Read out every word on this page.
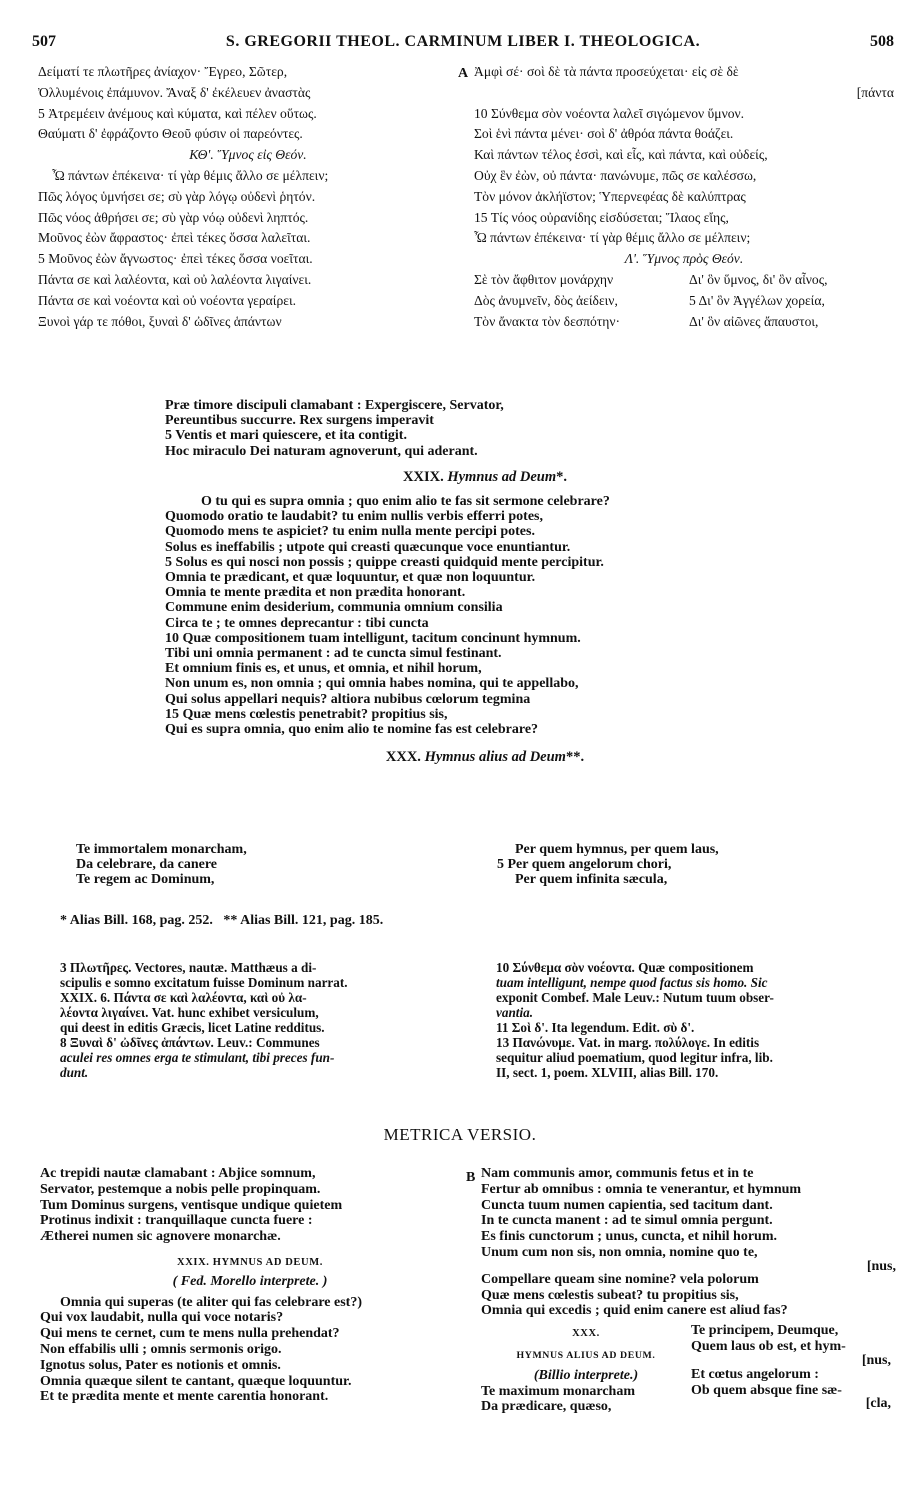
507	S. GREGORII THEOL. CARMINUM LIBER I. THEOLOGICA.	508
Δείματί τε πλωτῆρες ἀνίαχον· Ἔγρεο, Σῶτερ,
Ὀλλυμένοις ἐπάμυνον. Ἄναξ δ' ἐκέλευεν ἀναστὰς
5 Ἀτρεμέειν ἀνέμους καὶ κύματα, καὶ πέλεν οὕτως.
Θαύματι δ' ἐφράζοντο Θεοῦ φύσιν οἱ παρεόντες.
ΚΘ'. Ὕμνος εἰς Θεόν.
Ὦ πάντων ἐπέκεινα· τί γὰρ θέμις ἄλλο σε μέλπειν;
Πῶς λόγος ὑμνήσει σε; σὺ γὰρ λόγῳ οὐδενὶ ῥητόν.
Πῶς νόος ἀθρήσει σε; σὺ γὰρ νόῳ οὐδενὶ ληπτός.
Μοῦνος ἐὼν ἄφραστος· ἐπεὶ τέκες ὅσσα λαλεῖται.
5 Μοῦνος ἐὼν ἄγνωστος· ἐπεὶ τέκες ὅσσα νοεῖται.
Πάντα σε καὶ λαλέοντα, καὶ οὐ λαλέοντα λιγαίνει.
Πάντα σε καὶ νοέοντα καὶ οὐ νοέοντα γεραίρει.
Ξυνοὶ γάρ τε πόθοι, ξυναὶ δ' ὠδῖνες ἁπάντων
A Ἀμφὶ σέ· σοὶ δὲ τὰ πάντα προσεύχεται· εἰς σὲ δὲ
[πάντα
10 Σύνθεμα σὸν νοέοντα λαλεῖ σιγώμενον ὕμνον.
Σοὶ ἑνὶ πάντα μένει· σοὶ δ' ἀθρόα πάντα θοάζει.
Καὶ πάντων τέλος ἐσσὶ, καὶ εἷς, καὶ πάντα, καὶ οὐδείς,
Οὐχ ἓν ἐὼν, οὐ πάντα· πανώνυμε, πῶς σε καλέσσω,
Τὸν μόνον ἀκλήϊστον; Ὑπερνεφέας δὲ καλύπτρας
15 Τίς νόος οὐρανίδης εἰσδύσεται; Ἵλαος εἴης,
Ὦ πάντων ἐπέκεινα· τί γὰρ θέμις ἄλλο σε μέλπειν;
Λ'. Ὕμνος πρὸς Θεόν.
Σὲ τὸν ἄφθιτον μονάρχην
Δὸς ἀνυμνεῖν, δὸς ἀείδειν,
Τὸν ἄνακτα τὸν δεσπότην·
Δι' ὃν ὕμνος, δι' ὃν αἶνος,
5 Δι' ὃν Ἀγγέλων χορεία,
Δι' ὃν αἰῶνες ἄπαυστοι,
Præ timore discipuli clamabant : Expergiscere, Servator,
Pereuntibus succurre. Rex surgens imperavit
5 Ventis et mari quiescere, et ita contigit.
Hoc miraculo Dei naturam agnoverunt, qui aderant.
XXIX. Hymnus ad Deum*.
O tu qui es supra omnia ; quo enim alio te fas sit sermone celebrare?
Quomodo oratio te laudabit? tu enim nullis verbis efferri potes,
Quomodo mens te aspiciet? tu enim nulla mente percipi potes.
Solus es ineffabilis ; utpote qui creasti quæcunque voce enuntiantur.
5 Solus es qui nosci non possis ; quippe creasti quidquid mente percipitur.
Omnia te prædicant, et quæ loquuntur, et quæ non loquuntur.
Omnia te mente prædita et non prædita honorant.
Commune enim desiderium, communia omnium consilia
Circa te ; te omnes deprecantur : tibi cuncta
10 Quæ compositionem tuam intelligunt, tacitum concinunt hymnum.
Tibi uni omnia permanent : ad te cuncta simul festinant.
Et omnium finis es, et unus, et omnia, et nihil horum,
Non unum es, non omnia ; qui omnia habes nomina, qui te appellabo,
Qui solus appellari nequis? altiora nubibus cœlorum tegmina
15 Quæ mens cœlestis penetrabit? propitius sis,
Qui es supra omnia, quo enim alio te nomine fas est celebrare?
XXX. Hymnus alius ad Deum**.
Te immortalem monarcham,
Da celebrare, da canere
Te regem ac Dominum,
Per quem hymnus, per quem laus,
5 Per quem angelorum chori,
Per quem infinita sæcula,
* Alias Bill. 168, pag. 252.   ** Alias Bill. 121, pag. 185.
3 Πλωτῆρες. Vectores, nautæ. Matthæus a di-
scipulis e somno excitatum fuisse Dominum narrat.
XXIX. 6. Πάντα σε καὶ λαλέοντα, καὶ οὐ λα-
λέοντα λιγαίνει. Vat. hunc exhibet versiculum,
qui deest in editis Græcis, licet Latine redditus.
8 Ξυναὶ δ' ὠδῖνες ἁπάντων. Leuv.: Communes
aculei res omnes erga te stimulant, tibi preces fun-
dunt.
10 Σύνθεμα σὸν νοέοντα. Quæ compositionem
tuam intelligunt, nempe quod factus sis homo. Sic
exponit Combef. Male Leuv.: Nutum tuum obser-
vantia.
11 Σοὶ δ'. Ita legendum. Edit. σὺ δ'.
13 Πανώνυμε. Vat. in marg. πολύλογε. In editis
sequitur aliud poematium, quod legitur infra, lib.
II, sect. 1, poem. XLVIII, alias Bill. 170.
METRICA VERSIO.
Ac trepidi nautæ clamabant : Abjice somnum,
Servator, pestemque a nobis pelle propinquam.
Tum Dominus surgens, ventisque undique quietem
Protinus indixit : tranquillaque cuncta fuere :
Ætherei numen sic agnovere monarchæ.
XXIX. HYMNUS AD DEUM.
( Fed. Morello interprete. )
Omnia qui superas (te aliter qui fas celebrare est?)
Qui vox laudabit, nulla qui voce notaris?
Qui mens te cernet, cum te mens nulla prehendat?
Non effabilis ulli ; omnis sermonis origo.
Ignotus solus, Pater es notionis et omnis.
Omnia quæque silent te cantant, quæque loquuntur.
Et te prædita mente et mente carentia honorant.
B Nam communis amor, communis fetus et in te
Fertur ab omnibus : omnia te venerantur, et hymnum
Cuncta tuum numen capientia, sed tacitum dant.
In te cuncta manent : ad te simul omnia pergunt.
Es finis cunctorum ; unus, cuncta, et nihil horum.
Unum cum non sis, non omnia, nomine quo te,
[nus,
Compellare queam sine nomine? vela polorum
Quæ mens cœlestis subeat? tu propitius sis,
Omnia qui excedis ; quid enim canere est aliud fas?
XXX.
HYMNUS ALIUS AD DEUM.
(Billio interprete.)
Te maximum monarcham
Da prædicare, quæso,
Te principem, Deumque,
Quem laus ob est, et hym-
[nus,
Et cœtus angelorum :
Ob quem absque fine sæ-
[cla,
